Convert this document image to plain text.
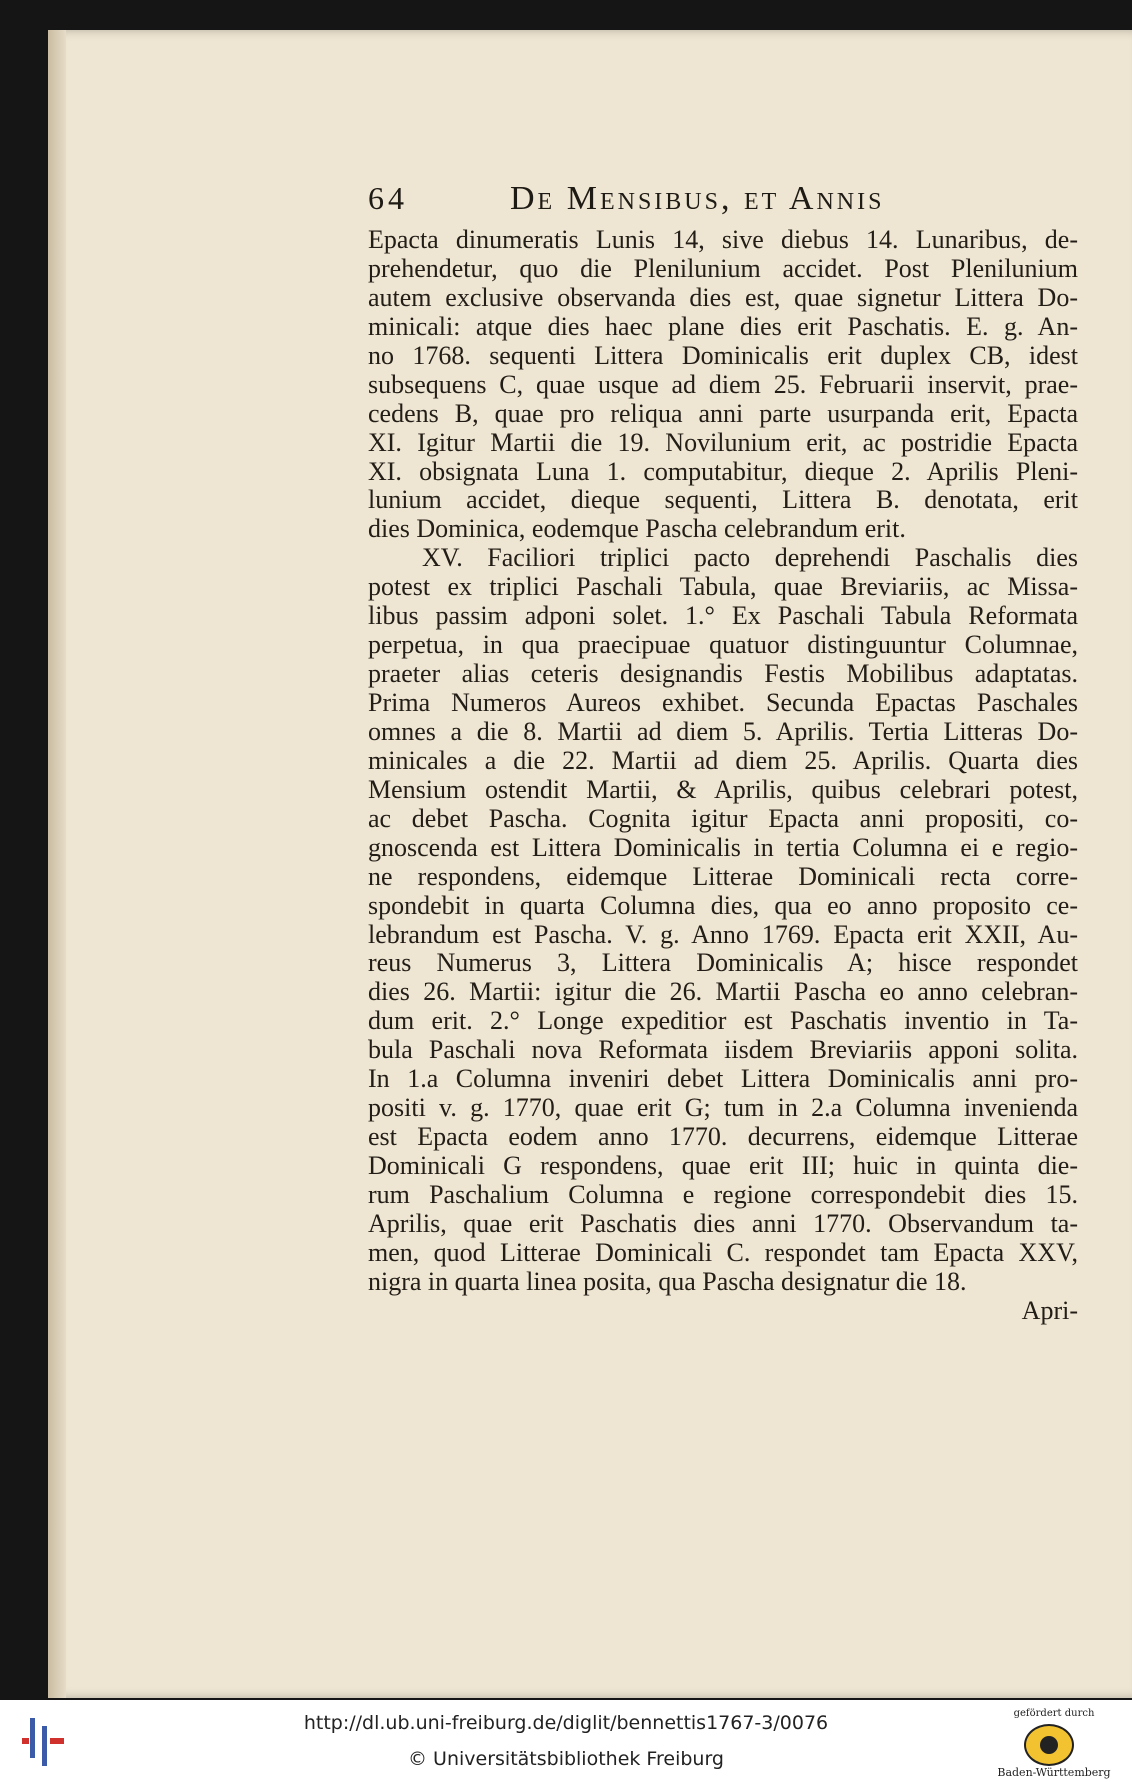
64	De Mensibus, et Annis
Epacta dinumeratis Lunis 14, sive diebus 14. Lunaribus, de-
prehendetur, quo die Plenilunium accidet. Post Plenilunium
autem exclusive observanda dies est, quae signetur Littera Do-
minicali: atque dies haec plane dies erit Paschatis. E. g. An-
no 1768. sequenti Littera Dominicalis erit duplex CB, idest
subsequens C, quae usque ad diem 25. Februarii inservit, prae-
cedens B, quae pro reliqua anni parte usurpanda erit, Epacta
XI. Igitur Martii die 19. Novilunium erit, ac postridie Epacta
XI. obsignata Luna 1. computabitur, dieque 2. Aprilis Pleni-
lunium accidet, dieque sequenti, Littera B. denotata, erit
dies Dominica, eodemque Pascha celebrandum erit.
XV. Faciliori triplici pacto deprehendi Paschalis dies
potest ex triplici Paschali Tabula, quae Breviariis, ac Missa-
libus passim adponi solet. 1.° Ex Paschali Tabula Reformata
perpetua, in qua praecipuae quatuor distinguuntur Columnae,
praeter alias ceteris designandis Festis Mobilibus adaptatas.
Prima Numeros Aureos exhibet. Secunda Epactas Paschales
omnes a die 8. Martii ad diem 5. Aprilis. Tertia Litteras Do-
minicales a die 22. Martii ad diem 25. Aprilis. Quarta dies
Mensium ostendit Martii, & Aprilis, quibus celebrari potest,
ac debet Pascha. Cognita igitur Epacta anni propositi, co-
gnoscenda est Littera Dominicalis in tertia Columna ei e regio-
ne respondens, eidemque Litterae Dominicali recta corre-
spondebit in quarta Columna dies, qua eo anno proposito ce-
lebrandum est Pascha. V. g. Anno 1769. Epacta erit XXII, Au-
reus Numerus 3, Littera Dominicalis A; hisce respondet
dies 26. Martii: igitur die 26. Martii Pascha eo anno celebran-
dum erit. 2.° Longe expeditior est Paschatis inventio in Ta-
bula Paschali nova Reformata iisdem Breviariis apponi solita.
In 1.a Columna inveniri debet Littera Dominicalis anni pro-
positi v. g. 1770, quae erit G; tum in 2.a Columna invenienda
est Epacta eodem anno 1770. decurrens, eidemque Litterae
Dominicali G respondens, quae erit III; huic in quinta die-
rum Paschalium Columna e regione correspondebit dies 15.
Aprilis, quae erit Paschatis dies anni 1770. Observandum ta-
men, quod Litterae Dominicali C. respondet tam Epacta XXV,
nigra in quarta linea posita, qua Pascha designatur die 18.
Apri-
http://dl.ub.uni-freiburg.de/diglit/bennettis1767-3/0076
© Universitätsbibliothek Freiburg
gefördert durch
Baden-Württemberg
